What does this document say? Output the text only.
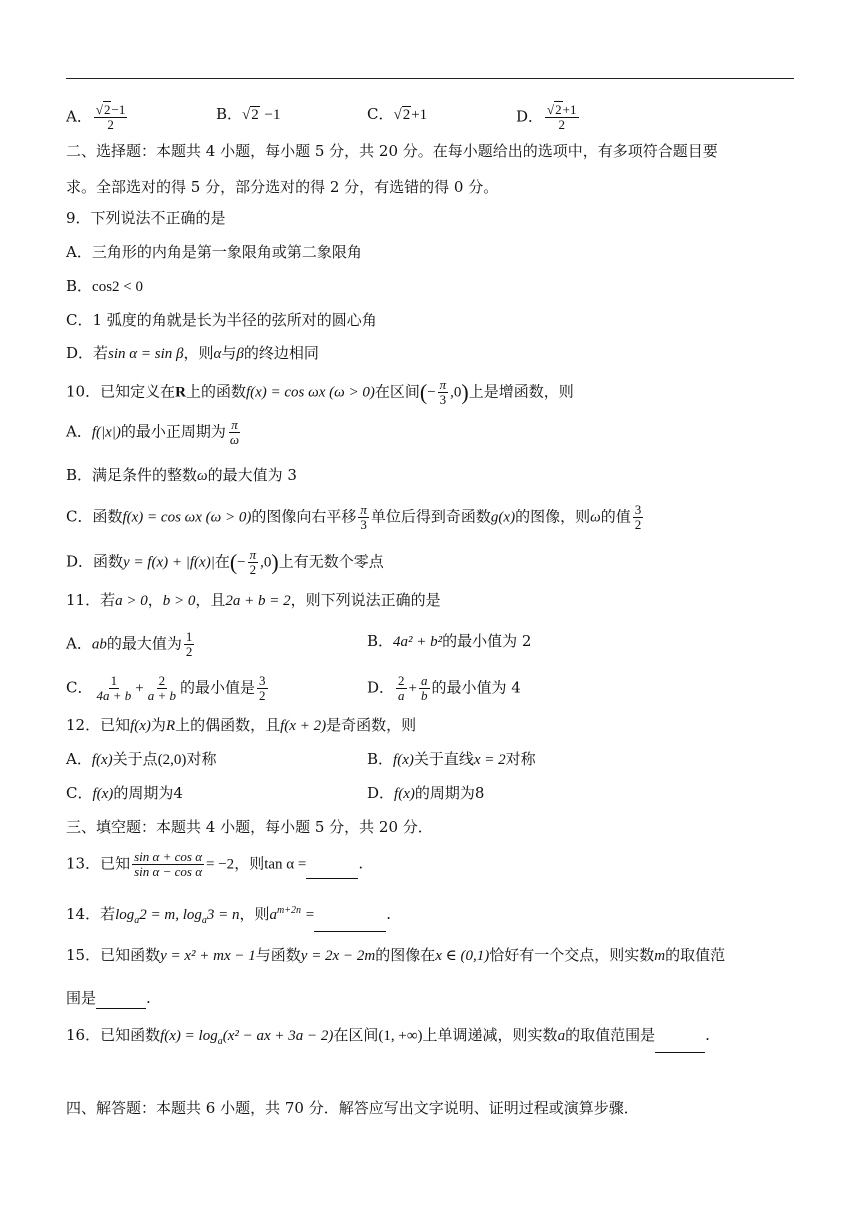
A． $\frac{√2-1}{2}$	B．√2 −1	C．√2+1	D． $\frac{√2+1}{2}$
二、选择题：本题共 4 小题，每小题 5 分，共 20 分。在每小题给出的选项中，有多项符合题目要
求。全部选对的得 5 分，部分选对的得 2 分，有选错的得 0 分。
9．下列说法不正确的是
A．三角形的内角是第一象限角或第二象限角
B．cos2 < 0
C．1 弧度的角就是长为半径的弦所对的圆心角
D．若sin α = sin β，则α与β的终边相同
10．已知定义在R上的函数f(x) = cos ωx (ω > 0)在区间(− $\frac{\pi}{3} ,0$)上是增函数，则
A．f(|x|)的最小正周期为 $\frac{\pi}{\omega}$
B．满足条件的整数ω的最大值为 3
C．函数f(x) = cos ωx (ω > 0)的图像向右平移 $\frac{\pi}{3}$ 单位后得到奇函数g(x)的图像，则ω的值 $\frac{3}{2}$
D．函数y = f(x) + |f(x)|在(− $\frac{\pi}{2} ,0$)上有无数个零点
11．若a > 0，b > 0，且2a + b = 2，则下列说法正确的是
A．ab的最大值为 $\frac{1}{2}$	B．4a² + b²的最小值为 2
C． $\frac{1}{4a + b} + \frac{2}{a + b}$ 的最小值是 $\frac{3}{2}$	D． $\frac{2}{a} + \frac{a}{b}$ 的最小值为 4
12．已知f(x)为R上的偶函数，且f(x + 2)是奇函数，则
A．f(x)关于点(2,0)对称	B．f(x)关于直线x = 2对称
C．f(x)的周期为4	D．f(x)的周期为8
三、填空题：本题共 4 小题，每小题 5 分，共 20 分．
13．已知 $\frac{\text{sin α + cos α}}{\text{sin α − cos α}} = -2$，则tan α =	.
14．若$\log_a2 = m$, $\log_a3 = n$，则$a^{m+2n}$ =	.
15．已知函数y = x² + mx − 1与函数y = 2x − 2m的图像在x ∈ (0,1)恰好有一个交点，则实数m的取值范
围是	.
16．已知函数$f(x) = \log_a(x^2$ − ax + 3a − 2)在区间(1, +∞)上单调递减，则实数a的取值范围是	.
四、解答题：本题共 6 小题，共 70 分．解答应写出文字说明、证明过程或演算步骤．
